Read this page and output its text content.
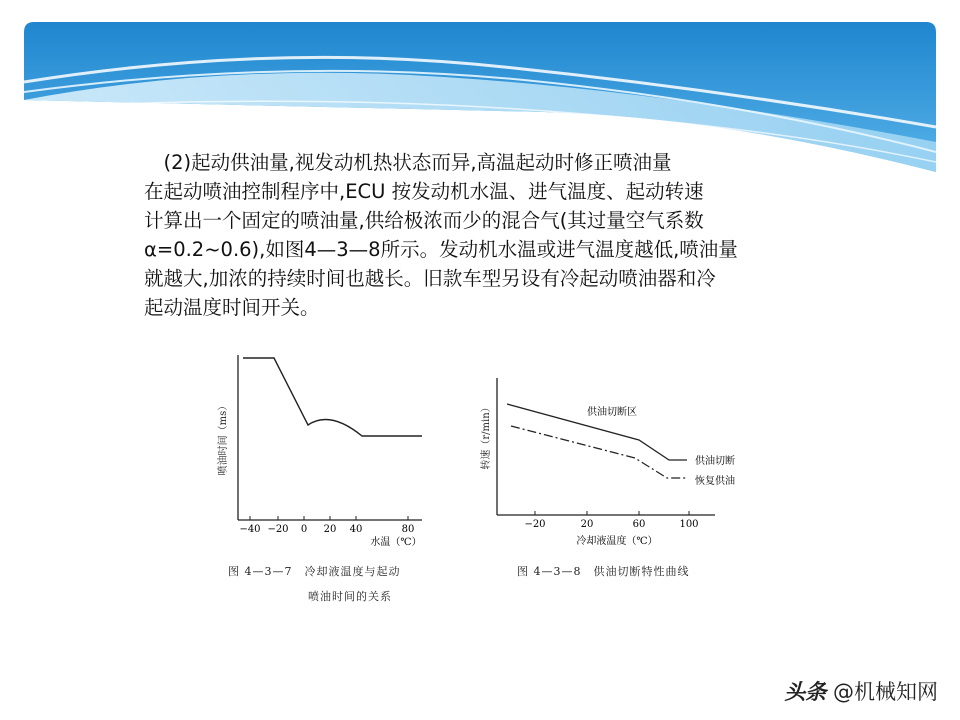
　(2)起动供油量,视发动机热状态而异,高温起动时修正喷油量
在起动喷油控制程序中,ECU 按发动机水温、进气温度、起动转速
计算出一个固定的喷油量,供给极浓而少的混合气(其过量空气系数
α=0.2~0.6),如图4—3—8所示。发动机水温或进气温度越低,喷油量
就越大,加浓的持续时间也越长。旧款车型另设有冷起动喷油器和冷
起动温度时间开关。
喷油时间（ms）
−40 −20 0 20 40	80
水温（℃）
图 4—3—7　冷却液温度与起动
喷油时间的关系
转速（r/min）	供油切断区
供油切断
恢复供油
−20	20	60	100
冷却液温度（℃）
图 4—3—8　供油切断特性曲线
头条 @机械知网
